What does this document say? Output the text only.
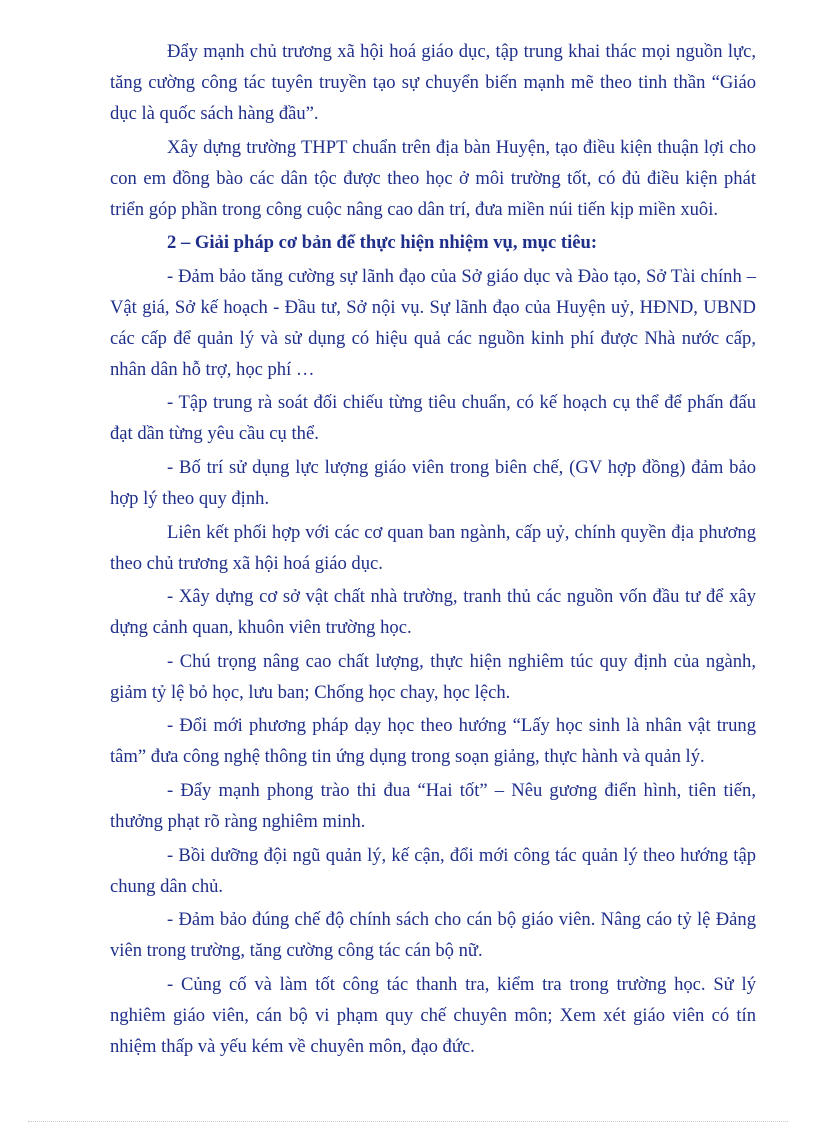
Đẩy mạnh chủ trương xã hội hoá giáo dục, tập trung khai thác mọi nguồn lực, tăng cường công tác tuyên truyền tạo sự chuyển biến mạnh mẽ theo tinh thần “Giáo dục là quốc sách hàng đầu”.

Xây dựng trường THPT chuẩn trên địa bàn Huyện, tạo điều kiện thuận lợi cho con em đồng bào các dân tộc được theo học ở môi trường tốt, có đủ điều kiện phát triển góp phần trong công cuộc nâng cao dân trí, đưa miền núi tiến kịp miền xuôi.

2 – Giải pháp cơ bản để thực hiện nhiệm vụ, mục tiêu:

- Đảm bảo tăng cường sự lãnh đạo của Sở giáo dục và Đào tạo, Sở Tài chính – Vật giá, Sở kế hoạch - Đầu tư, Sở nội vụ. Sự lãnh đạo của Huyện uỷ, HĐND, UBND các cấp để quản lý và sử dụng có hiệu quả các nguồn kinh phí được Nhà nước cấp, nhân dân hỗ trợ, học phí …

- Tập trung rà soát đối chiếu từng tiêu chuẩn, có kế hoạch cụ thể để phấn đấu đạt dần từng yêu cầu cụ thể.

- Bố trí sử dụng lực lượng giáo viên trong biên chế, (GV hợp đồng) đảm bảo hợp lý theo quy định.

Liên kết phối hợp với các cơ quan ban ngành, cấp uỷ, chính quyền địa phương theo chủ trương xã hội hoá giáo dục.

- Xây dựng cơ sở vật chất nhà trường, tranh thủ các nguồn vốn đầu tư để xây dựng cảnh quan, khuôn viên trường học.

- Chú trọng nâng cao chất lượng, thực hiện nghiêm túc quy định của ngành, giảm tỷ lệ bỏ học, lưu ban; Chống học chay, học lệch.

- Đổi mới phương pháp dạy học theo hướng “Lấy học sinh là nhân vật trung tâm” đưa công nghệ thông tin ứng dụng trong soạn giảng, thực hành và quản lý.

- Đẩy mạnh phong trào thi đua “Hai tốt” – Nêu gương điển hình, tiên tiến, thưởng phạt rõ ràng nghiêm minh.

- Bồi dưỡng đội ngũ quản lý, kế cận, đổi mới công tác quản lý theo hướng tập chung dân chủ.

- Đảm bảo đúng chế độ chính sách cho cán bộ giáo viên. Nâng cáo tỷ lệ Đảng viên trong trường, tăng cường công tác cán bộ nữ.

- Củng cố và làm tốt công tác thanh tra, kiểm tra trong trường học. Sử lý nghiêm giáo viên, cán bộ vi phạm quy chế chuyên môn; Xem xét giáo viên có tín nhiệm thấp và yếu kém về chuyên môn, đạo đức.
